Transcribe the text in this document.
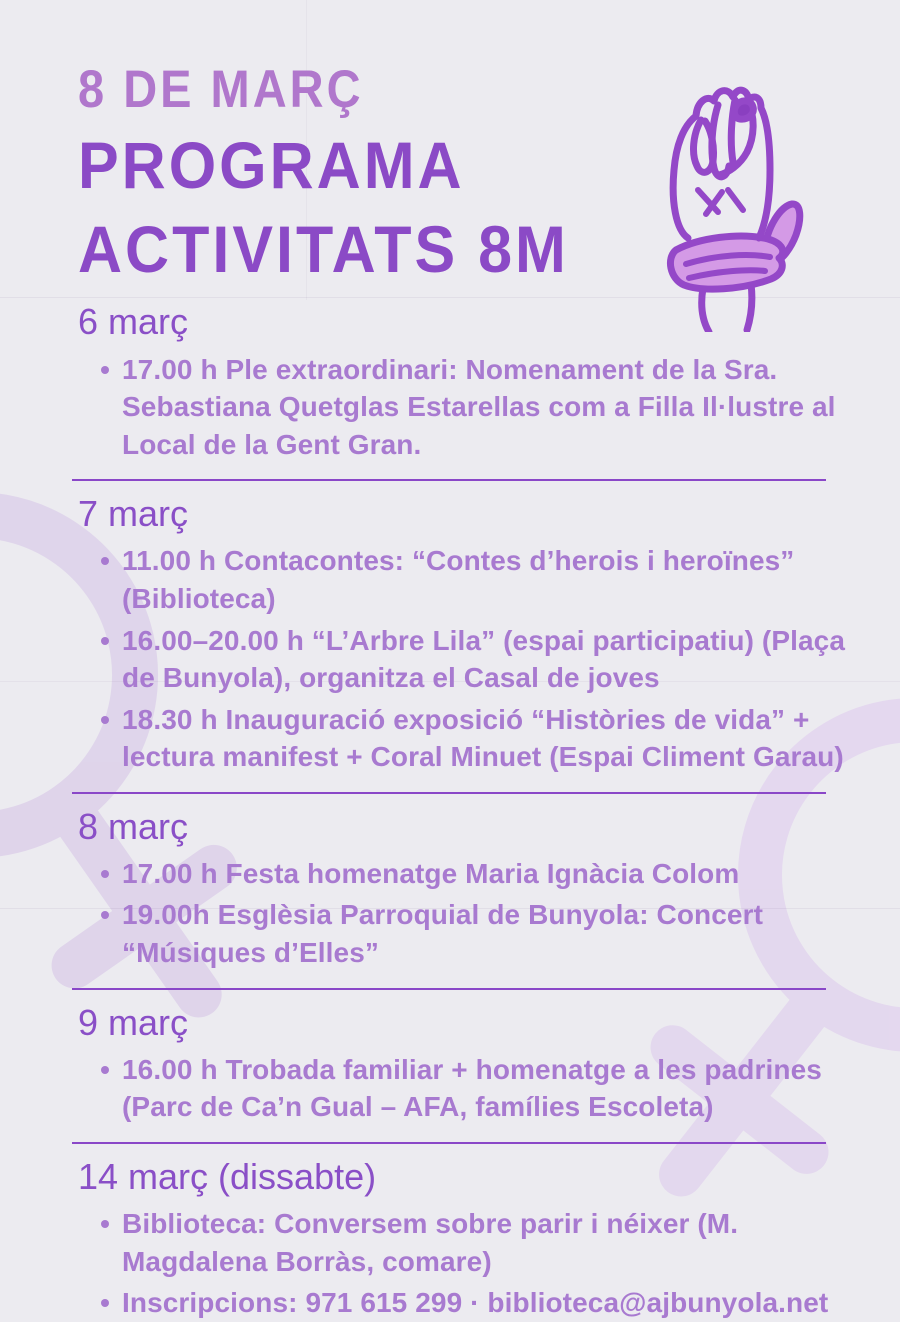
8 DE MARÇ
PROGRAMA
ACTIVITATS 8M
6 març
17.00 h Ple extraordinari: Nomenament de la Sra. Sebastiana Quetglas Estarellas com a Filla Il·lustre al Local de la Gent Gran.
7 març
11.00 h Contacontes: “Contes d’herois i heroïnes” (Biblioteca)
16.00–20.00 h “L’Arbre Lila” (espai participatiu) (Plaça de Bunyola), organitza el Casal de joves
18.30 h Inauguració exposició “Històries de vida” + lectura manifest + Coral Minuet (Espai Climent Garau)
8 març
17.00 h Festa homenatge Maria Ignàcia Colom
19.00h Esglèsia Parroquial de Bunyola: Concert “Músiques d’Elles”
9 març
16.00 h Trobada familiar + homenatge a les padrines (Parc de Ca’n Gual – AFA, famílies Escoleta)
14 març (dissabte)
Biblioteca: Conversem sobre parir i néixer (M. Magdalena Borràs, comare)
Inscripcions: 971 615 299 · biblioteca@ajbunyola.net
